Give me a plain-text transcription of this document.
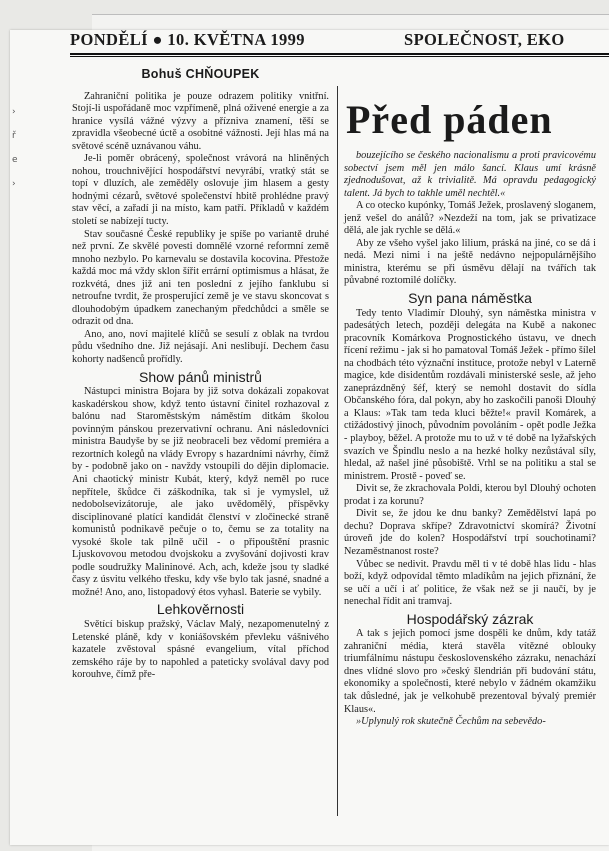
›
ř
e
›
PONDĚLÍ ● 10. KVĚTNA 1999	SPOLEČNOST, EKO
Před páden
Bohuš CHŇOUPEK

Zahraniční politika je pouze odrazem politiky vnitřní. Stojí-li uspořádaně moc vzpřímeně, plná oživené energie a za hranice vysílá vážné výzvy a přízniva znamení, těší se zpravidla všeobecné úctě a osobitné vážnosti. Její hlas má na světové scéně uznávanou váhu.

Je-li poměr obrácený, společnost vrávorá na hliněných nohou, trouchnivějící hospodářství nevyrábí, vratký stát se topí v dluzích, ale zeměděly oslovuje jim hlasem a gesty hodnými cézarů, světové společenství hbitě prohlédne pravý stav věcí, a zařadí ji na místo, kam patří. Příkladů v každém století se nabízejí tucty.

Stav současné České republiky je spíše po variantě druhé než první. Ze skvělé povesti domnělé vzorné reformní země mnoho nezbylo. Po karnevalu se dostavila kocovina. Přestože každá moc má vždy sklon šířit errární optimismus a hlásat, že rozkvétá, dnes již ani ten poslední z jejího fanklubu si netroufne tvrdit, že prosperující země je ve stavu skoncovat s dlouhodobým úpadkem zanechaným předchůdci a směle se odrazit od dna.

Ano, ano, noví majitelé klíčů se sesulí z oblak na tvrdou půdu všedního dne. Již nejásají. Ani neslibují. Dechem času kohorty nadšenců prořídly.

Show pánů ministrů

Nástupci ministra Bojara by již sotva dokázali zopakovat kaskadérskou show, když tento ústavní činitel rozhazoval z balónu nad Staroměstským náměstím ditkám školou povinným pánskou prezervativní ochranu. Ani následovníci ministra Baudyše by se již neobraceli bez vědomí premiéra a rezortních kolegů na vlády Evropy s hazardními návrhy, čímž by - podobně jako on - navždy vstoupili do dějin diplomacie. Ani chaotický ministr Kubát, který, když neměl po ruce nepřítele, škůdce či záškodníka, tak si je vymyslel, už nedobolsevizátoruje, ale jako uvědomělý, příspěvky disciplinované platící kandidát členství v zločinecké straně komunistů podnikavě pečuje o to, čemu se za totality na vysoké škole tak pilně učil - o připouštění prasnic Ljuskovovou metodou dvojskoku a zvyšování dojivosti krav podle soudružky Malininové. Ach, ach, kdeže jsou ty sladké časy z úsvitu velkého třesku, kdy vše bylo tak jasné, snadné a možné! Ano, ano, listopadový étos vyhasl. Baterie se vybily.

Lehkověrnosti

Světící biskup pražský, Václav Malý, nezapomenutelný z Letenské pláně, kdy v koniášovském převleku vášnivého kazatele zvěstoval spásné evangelium, vítal příchod zemského ráje by to napohled a pateticky svolával davy pod korouhve, čímž pře-

bouzejícího se českého nacionalismu a proti pravicovému sobectví jsem měl jen málo šancí. Klaus umí krásně zjednodušovat, až k trivialitě. Má opravdu pedagogický talent. Já bych to takhle uměl nechtěl.«

A co otecko kupónky, Tomáš Ježek, proslavený sloganem, jenž vešel do análů? »Nezdeží na tom, jak se privatizace dělá, ale jak rychle se dělá.«

Aby ze všeho vyšel jako lilium, práská na jiné, co se dá i nedá. Mezi nimi i na ještě nedávno nejpopulárnějšího ministra, kterému se při úsměvu dělají na tvářích tak půvabné roztomilé dolíčky.

Syn pana náměstka

Tedy tento Vladimír Dlouhý, syn náměstka ministra v padesátých letech, později delegáta na Kubě a nakonec pracovník Komárkova Prognostického ústavu, ve dnech řícení režimu - jak si ho pamatoval Tomáš Ježek - přímo šílel na chodbách této význační instituce, protože nebyl v Laterně magice, kde disidentům rozdávali ministerské sesle, až jeho zaneprázdněný šéf, který se nemohl dostavit do sídla Občanského fóra, dal pokyn, aby ho zaskočili panoši Dlouhý a Klaus: »Tak tam teda kluci běžte!« pravil Komárek, a ctižádostivý jinoch, původním povoláním - opět podle Ježka - playboy, běžel. A protože mu to už v té době na lyžařských svazích ve Špindlu neslo a na hezké holky nezůstával síly, hledal, až našel jiné působiště. Vrhl se na politiku a stal se ministrem. Prostě - poveď se.

Divit se, že zkrachovala Poldi, kterou byl Dlouhý ochoten prodat i za korunu?

Divit se, že jdou ke dnu banky? Zemědělství lapá po dechu? Doprava skřípe? Zdravotnictví skomírá? Životní úroveň jde do kolen? Hospodářství trpí souchotinami? Nezaměstnanost roste?

Vůbec se nedivit. Pravdu měl ti v té době hlas lidu - hlas boží, když odpovídal těmto mladíkům na jejich přiznání, že se učí a učí i ať politice, že však než se ji naučí, by je nenechal řídit ani tramvaj.

Hospodářský zázrak

A tak s jejich pomocí jsme dospěli ke dnům, kdy tatáž zahraniční média, která stavěla vítězné oblouky triumfálnímu nástupu československého zázraku, nenachází dnes vlídné slovo pro »český šlendrián při budování státu, ekonomiky a společnosti, které nebylo v žádném okamžiku tak důsledné, jak je velkohubě prezentoval bývalý premiér Klaus«.

»Uplynulý rok skutečně Čechům na sebevědo-
